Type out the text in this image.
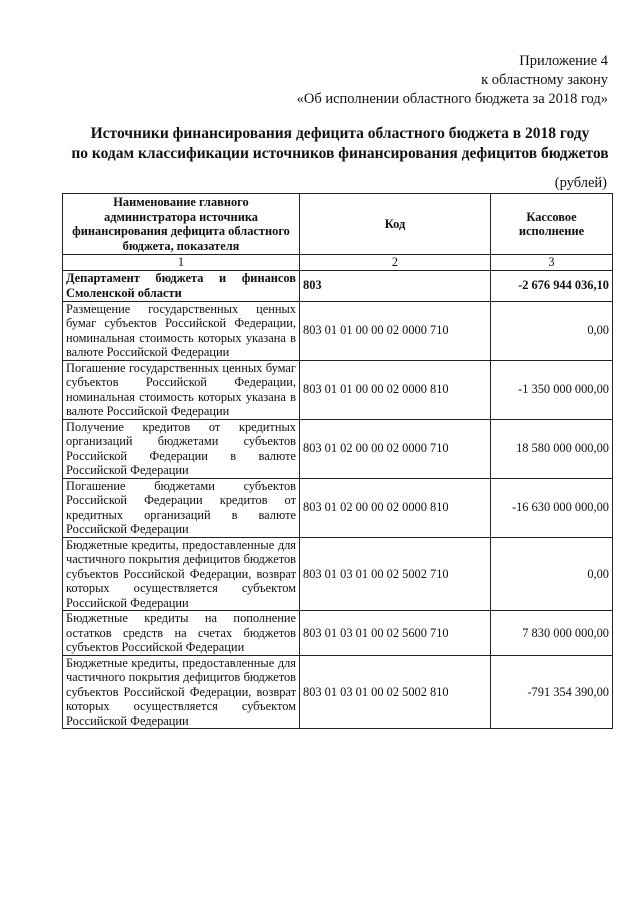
Приложение 4
к областному закону
«Об исполнении областного бюджета за 2018 год»
Источники финансирования дефицита областного бюджета в 2018 году
по кодам классификации источников финансирования дефицитов бюджетов
(рублей)
Наименование главного администратора источника финансирования дефицита областного бюджета, показателя	Код	Кассовое исполнение
1	2	3
Департамент бюджета и финансов Смоленской области	803	-2 676 944 036,10
Размещение государственных ценных бумаг субъектов Российской Федерации, номинальная стоимость которых указана в валюте Российской Федерации	803 01 01 00 00 02 0000 710	0,00
Погашение государственных ценных бумаг субъектов Российской Федерации, номинальная стоимость которых указана в валюте Российской Федерации	803 01 01 00 00 02 0000 810	-1 350 000 000,00
Получение кредитов от кредитных организаций бюджетами субъектов Российской Федерации в валюте Российской Федерации	803 01 02 00 00 02 0000 710	18 580 000 000,00
Погашение бюджетами субъектов Российской Федерации кредитов от кредитных организаций в валюте Российской Федерации	803 01 02 00 00 02 0000 810	-16 630 000 000,00
Бюджетные кредиты, предоставленные для частичного покрытия дефицитов бюджетов субъектов Российской Федерации, возврат которых осуществляется субъектом Российской Федерации	803 01 03 01 00 02 5002 710	0,00
Бюджетные кредиты на пополнение остатков средств на счетах бюджетов субъектов Российской Федерации	803 01 03 01 00 02 5600 710	7 830 000 000,00
Бюджетные кредиты, предоставленные для частичного покрытия дефицитов бюджетов субъектов Российской Федерации, возврат которых осуществляется субъектом Российской Федерации	803 01 03 01 00 02 5002 810	-791 354 390,00
